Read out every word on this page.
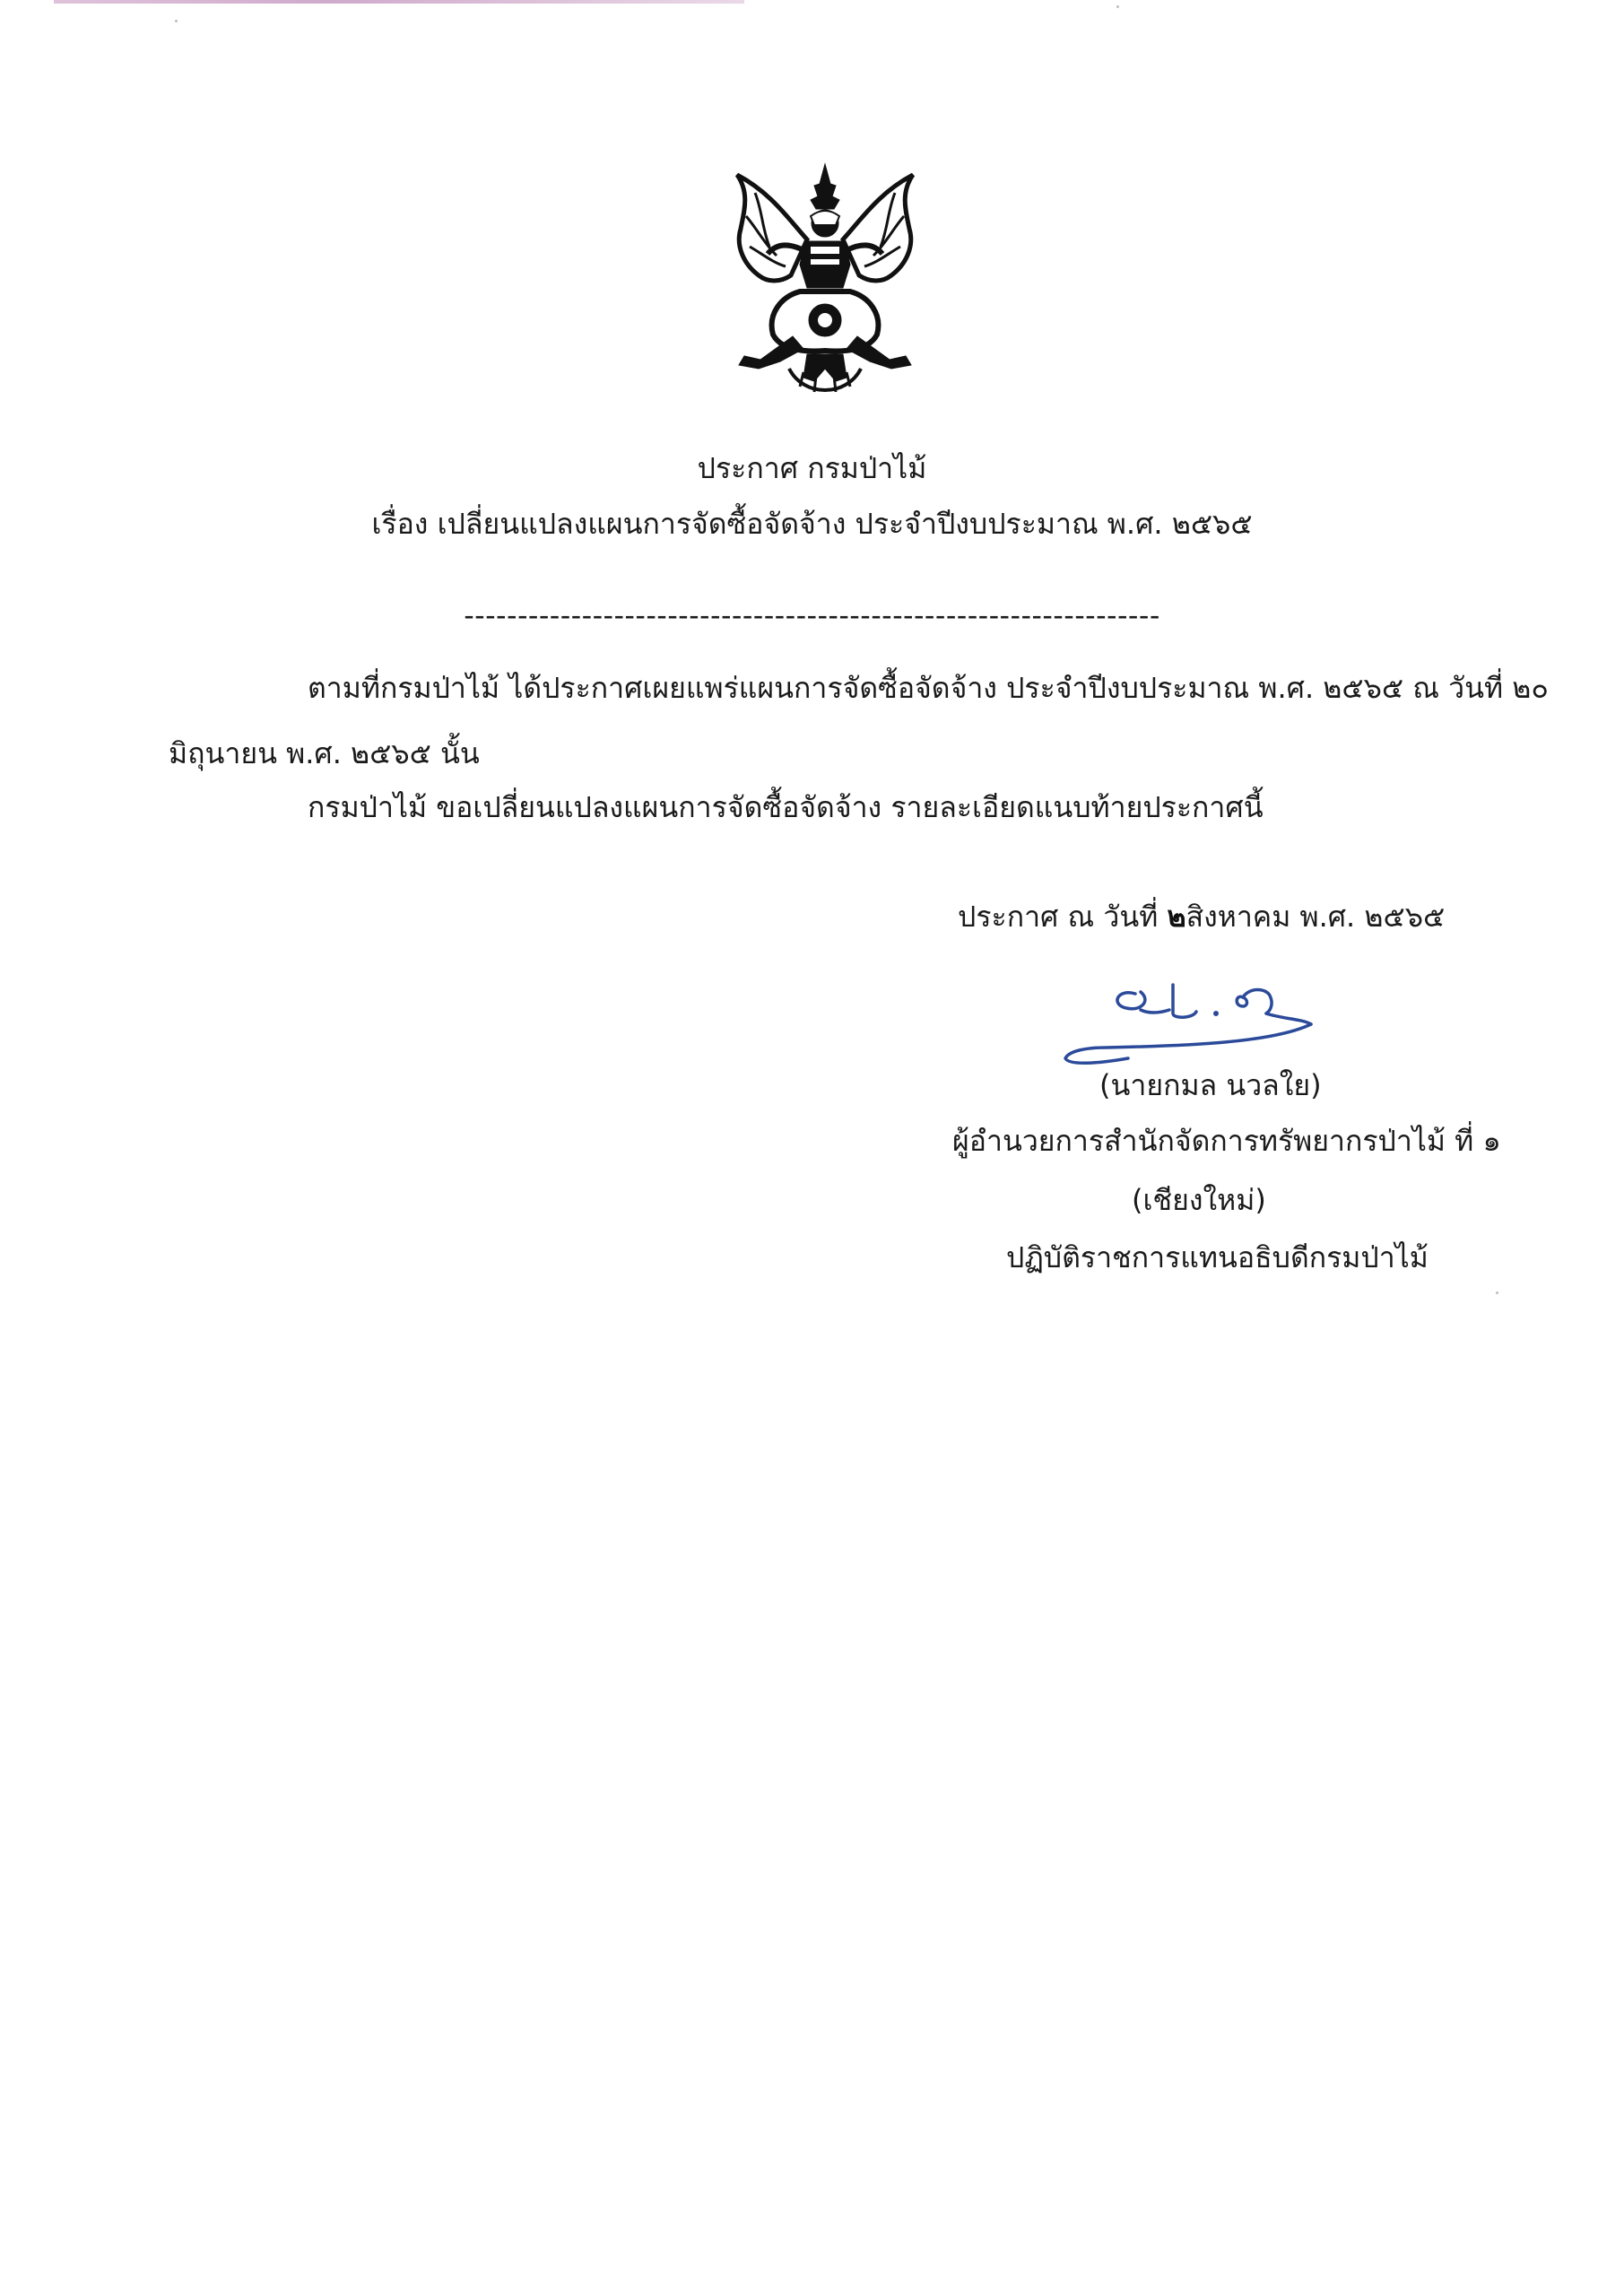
ประกาศ กรมป่าไม้
เรื่อง เปลี่ยนแปลงแผนการจัดซื้อจัดจ้าง ประจำปีงบประมาณ พ.ศ. ๒๕๖๕
-----------------------------------------------------------------
ตามที่กรมป่าไม้ ได้ประกาศเผยแพร่แผนการจัดซื้อจัดจ้าง ประจำปีงบประมาณ พ.ศ. ๒๕๖๕ ณ วันที่ ๒๐
มิถุนายน พ.ศ. ๒๕๖๕ นั้น
กรมป่าไม้ ขอเปลี่ยนแปลงแผนการจัดซื้อจัดจ้าง รายละเอียดแนบท้ายประกาศนี้
ประกาศ ณ วันที่ ๒สิงหาคม พ.ศ. ๒๕๖๕
(นายกมล นวลใย)
ผู้อำนวยการสำนักจัดการทรัพยากรป่าไม้ ที่ ๑
(เชียงใหม่)
ปฏิบัติราชการแทนอธิบดีกรมป่าไม้
